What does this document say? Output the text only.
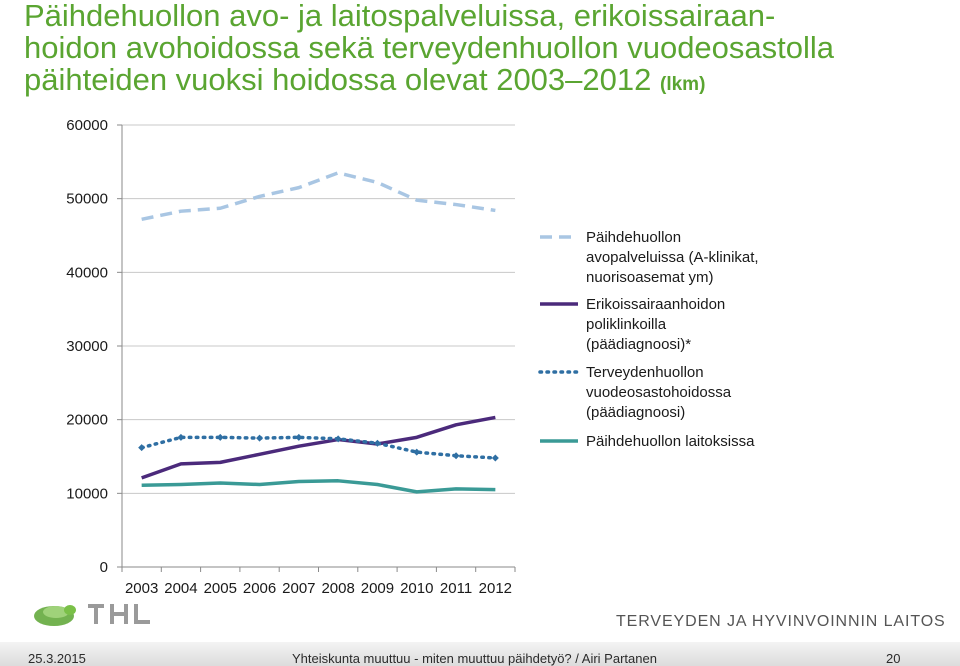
Päihdehuollon avo- ja laitospalveluissa, erikoissairaan-
hoidon avohoidossa sekä terveydenhuollon vuodeosastolla
päihteiden vuoksi hoidossa olevat 2003–2012 (lkm)
0
10000
20000
30000
40000
50000
60000
2003 2004 2005 2006 2007 2008 2009 2010 2011 2012
Päihdehuollon avopalveluissa (A-klinikat, nuorisoasemat ym)
Erikoissairaanhoidon poliklinkoilla (päädiagnoosi)*
Terveydenhuollon vuodeosastohoidossa (päädiagnoosi)
Päihdehuollon laitoksissa
TERVEYDEN JA HYVINVOINNIN LAITOS
25.3.2015	Yhteiskunta muuttuu - miten muuttuu päihdetyö? / Airi Partanen	20
